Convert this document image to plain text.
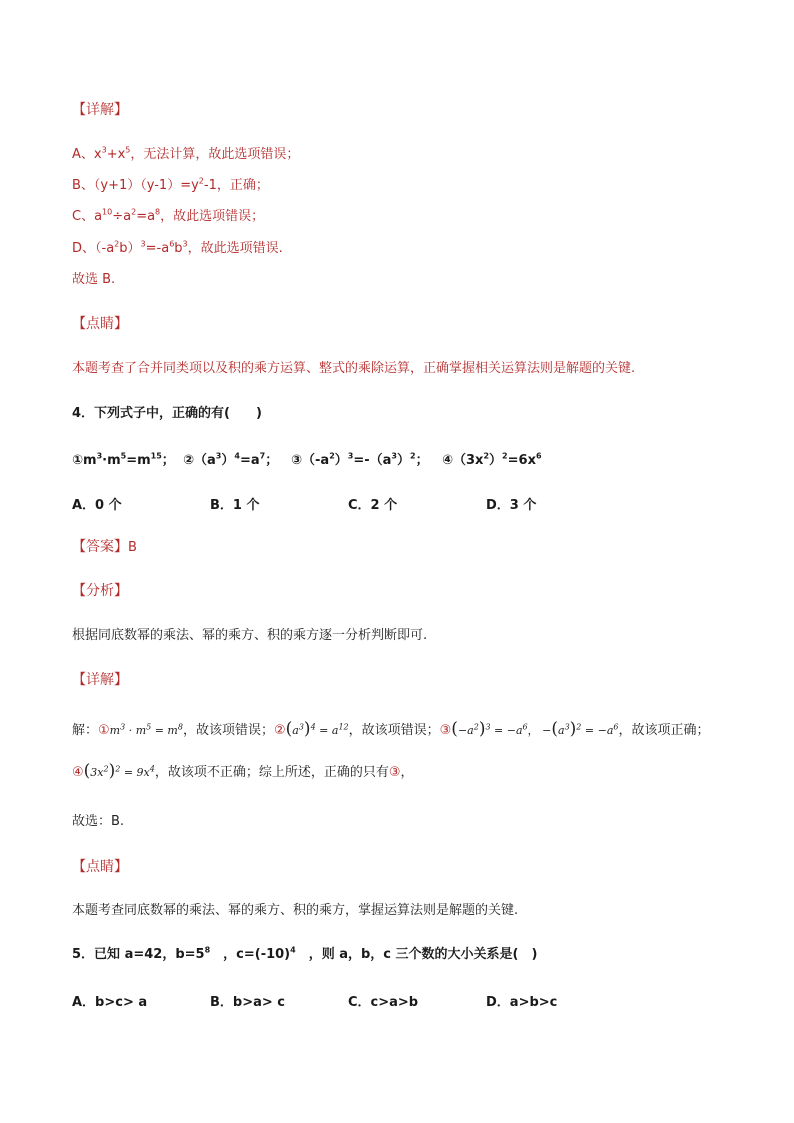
【详解】
A、$x^3+x^5$，无法计算，故此选项错误；
B、$(y+1)(y-1)=y^2-1$，正确；
C、$a^{10}\div a^2=a^8$，故此选项错误；
D、$(-a^2b)^3=-a^6b^3$，故此选项错误.
故选 B.
【点睛】
本题考查了合并同类项以及积的乘方运算、整式的乘除运算，正确掌握相关运算法则是解题的关键.
4．下列式子中，正确的有(　　)
$①m^3\cdot m^5=m^{15}$； $②(a^3)^4=a^7$； $③(-a^2)^3=-(a^3)^2$； $④(3x^2)^2=6x^6$
A．0 个	B．1 个	C．2 个	D．3 个
【答案】B
【分析】
根据同底数幂的乘法、幂的乘方、积的乘方逐一分析判断即可.
【详解】
解：$①m^3 \cdot m^5 = m^8$，故该项错误；$②(a^3)^4 = a^{12}$，故该项错误；$③(-a^2)^3 = -a^6$， $-(a^3)^2 = -a^6$，故该项正确；
$④(3x^2)^2 = 9x^4$，故该项不正确；综上所述，正确的只有③，
故选：B.
【点睛】
本题考查同底数幂的乘法、幂的乘方、积的乘方，掌握运算法则是解题的关键.
5．已知 a=42，$b=5^8$　，$c=(-10)^4$　，则 a，b，c 三个数的大小关系是(　)
A．b>c> a	B．b>a> c	C．c>a>b	D．a>b>c
